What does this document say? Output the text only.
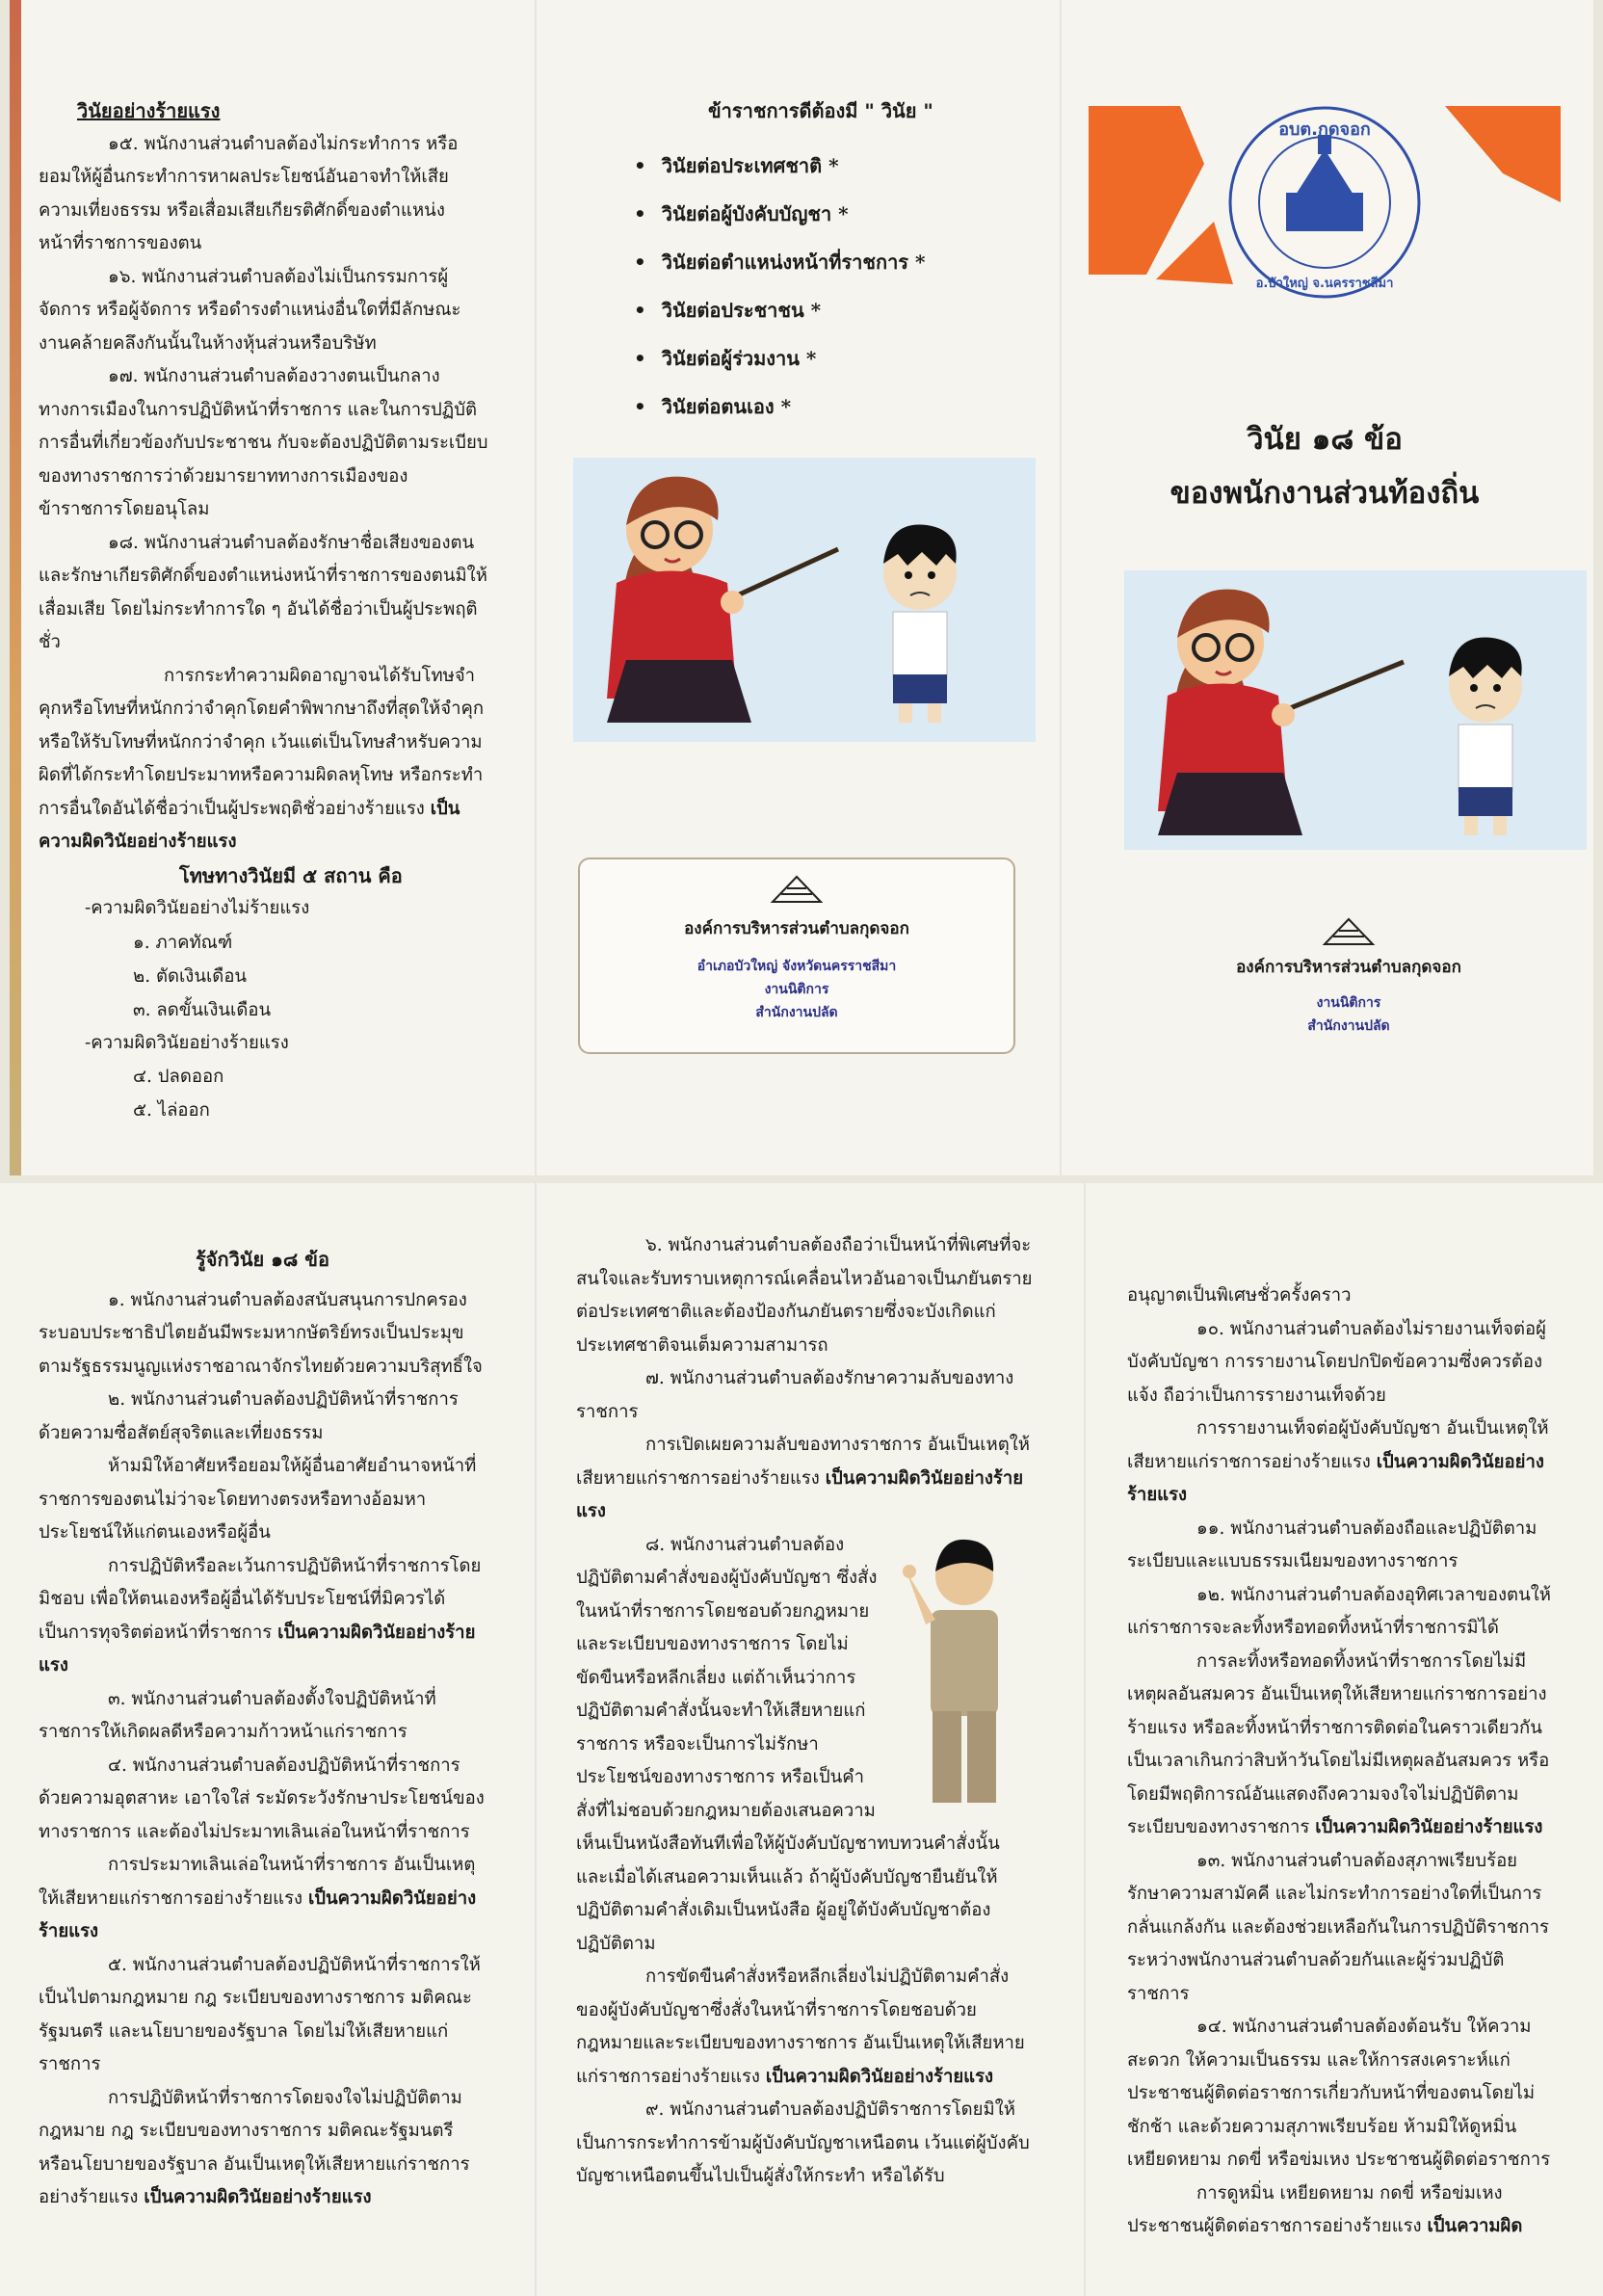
วินัยอย่างร้ายแรง

๑๕. พนักงานส่วนตำบลต้องไม่กระทำการ หรือยอมให้ผู้อื่นกระทำการหาผลประโยชน์อันอาจทำให้เสียความเที่ยงธรรม หรือเสื่อมเสียเกียรติศักดิ์ของตำแหน่งหน้าที่ราชการของตน

๑๖. พนักงานส่วนตำบลต้องไม่เป็นกรรมการผู้จัดการ หรือผู้จัดการ หรือดำรงตำแหน่งอื่นใดที่มีลักษณะงานคล้ายคลึงกันนั้นในห้างหุ้นส่วนหรือบริษัท

๑๗. พนักงานส่วนตำบลต้องวางตนเป็นกลางทางการเมืองในการปฏิบัติหน้าที่ราชการ และในการปฏิบัติการอื่นที่เกี่ยวข้องกับประชาชน กับจะต้องปฏิบัติตามระเบียบของทางราชการว่าด้วยมารยาททางการเมืองของข้าราชการโดยอนุโลม

๑๘. พนักงานส่วนตำบลต้องรักษาชื่อเสียงของตน และรักษาเกียรติศักดิ์ของตำแหน่งหน้าที่ราชการของตนมิให้เสื่อมเสีย โดยไม่กระทำการใด ๆ อันได้ชื่อว่าเป็นผู้ประพฤติชั่ว

การกระทำความผิดอาญาจนได้รับโทษจำคุกหรือโทษที่หนักกว่าจำคุกโดยคำพิพากษาถึงที่สุดให้จำคุกหรือให้รับโทษที่หนักกว่าจำคุก เว้นแต่เป็นโทษสำหรับความผิดที่ได้กระทำโดยประมาทหรือความผิดลหุโทษ หรือกระทำการอื่นใดอันได้ชื่อว่าเป็นผู้ประพฤติชั่วอย่างร้ายแรง เป็นความผิดวินัยอย่างร้ายแรง

โทษทางวินัยมี ๕ สถาน คือ

-ความผิดวินัยอย่างไม่ร้ายแรง

๑. ภาคทัณฑ์
๒. ตัดเงินเดือน
๓. ลดขั้นเงินเดือน

-ความผิดวินัยอย่างร้ายแรง

๔. ปลดออก
๕. ไล่ออก

ข้าราชการดีต้องมี " วินัย "

• วินัยต่อประเทศชาติ *
• วินัยต่อผู้บังคับบัญชา *
• วินัยต่อตำแหน่งหน้าที่ราชการ *
• วินัยต่อประชาชน *
• วินัยต่อผู้ร่วมงาน *
• วินัยต่อตนเอง *
องค์การบริหารส่วนตำบลกุดจอก
อำเภอบัวใหญ่ จังหวัดนครราชสีมา
งานนิติการ
สำนักงานปลัด
อบต.กุดจอก
อ.บัวใหญ่ จ.นครราชสีมา
วินัย ๑๘ ข้อ
ของพนักงานส่วนท้องถิ่น
องค์การบริหารส่วนตำบลกุดจอก
งานนิติการ
สำนักงานปลัด

รู้จักวินัย ๑๘ ข้อ

๑. พนักงานส่วนตำบลต้องสนับสนุนการปกครองระบอบประชาธิปไตยอันมีพระมหากษัตริย์ทรงเป็นประมุขตามรัฐธรรมนูญแห่งราชอาณาจักรไทยด้วยความบริสุทธิ์ใจ

๒. พนักงานส่วนตำบลต้องปฏิบัติหน้าที่ราชการด้วยความซื่อสัตย์สุจริตและเที่ยงธรรม

ห้ามมิให้อาศัยหรือยอมให้ผู้อื่นอาศัยอำนาจหน้าที่ราชการของตนไม่ว่าจะโดยทางตรงหรือทางอ้อมหาประโยชน์ให้แก่ตนเองหรือผู้อื่น

การปฏิบัติหรือละเว้นการปฏิบัติหน้าที่ราชการโดยมิชอบ เพื่อให้ตนเองหรือผู้อื่นได้รับประโยชน์ที่มิควรได้เป็นการทุจริตต่อหน้าที่ราชการ เป็นความผิดวินัยอย่างร้ายแรง

๓. พนักงานส่วนตำบลต้องตั้งใจปฏิบัติหน้าที่ราชการให้เกิดผลดีหรือความก้าวหน้าแก่ราชการ

๔. พนักงานส่วนตำบลต้องปฏิบัติหน้าที่ราชการด้วยความอุตสาหะ เอาใจใส่ ระมัดระวังรักษาประโยชน์ของทางราชการ และต้องไม่ประมาทเลินเล่อในหน้าที่ราชการ

การประมาทเลินเล่อในหน้าที่ราชการ อันเป็นเหตุให้เสียหายแก่ราชการอย่างร้ายแรง เป็นความผิดวินัยอย่างร้ายแรง

๕. พนักงานส่วนตำบลต้องปฏิบัติหน้าที่ราชการให้เป็นไปตามกฎหมาย กฎ ระเบียบของทางราชการ มติคณะรัฐมนตรี และนโยบายของรัฐบาล โดยไม่ให้เสียหายแก่ราชการ

การปฏิบัติหน้าที่ราชการโดยจงใจไม่ปฏิบัติตามกฎหมาย กฎ ระเบียบของทางราชการ มติคณะรัฐมนตรี หรือนโยบายของรัฐบาล อันเป็นเหตุให้เสียหายแก่ราชการอย่างร้ายแรง เป็นความผิดวินัยอย่างร้ายแรง

๖. พนักงานส่วนตำบลต้องถือว่าเป็นหน้าที่พิเศษที่จะสนใจและรับทราบเหตุการณ์เคลื่อนไหวอันอาจเป็นภยันตรายต่อประเทศชาติและต้องป้องกันภยันตรายซึ่งจะบังเกิดแก่ประเทศชาติจนเต็มความสามารถ

๗. พนักงานส่วนตำบลต้องรักษาความลับของทางราชการ

การเปิดเผยความลับของทางราชการ อันเป็นเหตุให้เสียหายแก่ราชการอย่างร้ายแรง เป็นความผิดวินัยอย่างร้ายแรง

๘. พนักงานส่วนตำบลต้องปฏิบัติตามคำสั่งของผู้บังคับบัญชา ซึ่งสั่งในหน้าที่ราชการโดยชอบด้วยกฎหมายและระเบียบของทางราชการ โดยไม่ขัดขืนหรือหลีกเลี่ยง แต่ถ้าเห็นว่าการปฏิบัติตามคำสั่งนั้นจะทำให้เสียหายแก่ราชการ หรือจะเป็นการไม่รักษาประโยชน์ของทางราชการ หรือเป็นคำสั่งที่ไม่ชอบด้วยกฎหมายต้องเสนอความเห็นเป็นหนังสือทันทีเพื่อให้ผู้บังคับบัญชาทบทวนคำสั่งนั้น และเมื่อได้เสนอความเห็นแล้ว ถ้าผู้บังคับบัญชายืนยันให้ปฏิบัติตามคำสั่งเดิมเป็นหนังสือ ผู้อยู่ใต้บังคับบัญชาต้องปฏิบัติตาม

การขัดขืนคำสั่งหรือหลีกเลี่ยงไม่ปฏิบัติตามคำสั่งของผู้บังคับบัญชาซึ่งสั่งในหน้าที่ราชการโดยชอบด้วยกฎหมายและระเบียบของทางราชการ อันเป็นเหตุให้เสียหายแก่ราชการอย่างร้ายแรง เป็นความผิดวินัยอย่างร้ายแรง

๙. พนักงานส่วนตำบลต้องปฏิบัติราชการโดยมิให้เป็นการกระทำการข้ามผู้บังคับบัญชาเหนือตน เว้นแต่ผู้บังคับบัญชาเหนือตนขึ้นไปเป็นผู้สั่งให้กระทำ หรือได้รับ

อนุญาตเป็นพิเศษชั่วครั้งคราว

๑๐. พนักงานส่วนตำบลต้องไม่รายงานเท็จต่อผู้บังคับบัญชา การรายงานโดยปกปิดข้อความซึ่งควรต้องแจ้ง ถือว่าเป็นการรายงานเท็จด้วย

การรายงานเท็จต่อผู้บังคับบัญชา อันเป็นเหตุให้เสียหายแก่ราชการอย่างร้ายแรง เป็นความผิดวินัยอย่างร้ายแรง

๑๑. พนักงานส่วนตำบลต้องถือและปฏิบัติตามระเบียบและแบบธรรมเนียมของทางราชการ

๑๒. พนักงานส่วนตำบลต้องอุทิศเวลาของตนให้แก่ราชการจะละทิ้งหรือทอดทิ้งหน้าที่ราชการมิได้

การละทิ้งหรือทอดทิ้งหน้าที่ราชการโดยไม่มีเหตุผลอันสมควร อันเป็นเหตุให้เสียหายแก่ราชการอย่างร้ายแรง หรือละทิ้งหน้าที่ราชการติดต่อในคราวเดียวกันเป็นเวลาเกินกว่าสิบห้าวันโดยไม่มีเหตุผลอันสมควร หรือโดยมีพฤติการณ์อันแสดงถึงความจงใจไม่ปฏิบัติตามระเบียบของทางราชการ เป็นความผิดวินัยอย่างร้ายแรง

๑๓. พนักงานส่วนตำบลต้องสุภาพเรียบร้อย รักษาความสามัคคี และไม่กระทำการอย่างใดที่เป็นการกลั่นแกล้งกัน และต้องช่วยเหลือกันในการปฏิบัติราชการระหว่างพนักงานส่วนตำบลด้วยกันและผู้ร่วมปฏิบัติราชการ

๑๔. พนักงานส่วนตำบลต้องต้อนรับ ให้ความสะดวก ให้ความเป็นธรรม และให้การสงเคราะห์แก่ประชาชนผู้ติดต่อราชการเกี่ยวกับหน้าที่ของตนโดยไม่ชักช้า และด้วยความสุภาพเรียบร้อย ห้ามมิให้ดูหมิ่นเหยียดหยาม กดขี่ หรือข่มเหง ประชาชนผู้ติดต่อราชการ

การดูหมิ่น เหยียดหยาม กดขี่ หรือข่มเหงประชาชนผู้ติดต่อราชการอย่างร้ายแรง เป็นความผิด
